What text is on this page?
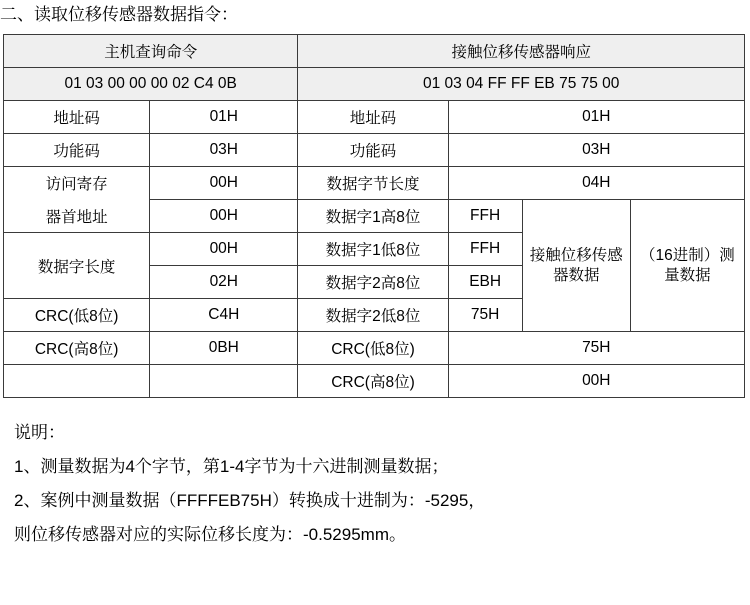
二、读取位移传感器数据指令：
主机查询命令		接触位移传感器响应			
01 03 00 00 00 02 C4 0B		01 03 04 FF FF EB 75 75 00			
地址码	01H	地址码	01H		
功能码	03H	功能码	03H		
访问寄存	00H	数据字节长度	04H		
器首地址	00H	数据字1高8位	FFH	接触位移传感器数据	（16进制）测量数据
数据字长度	00H	数据字1低8位	FFH		
	02H	数据字2高8位	EBH		
CRC(低8位)	C4H	数据字2低8位	75H		
CRC(高8位)	0BH	CRC(低8位)	75H		
		CRC(高8位)	00H		
说明：
1、测量数据为4个字节，第1-4字节为十六进制测量数据；
2、案例中测量数据（FFFFEB75H）转换成十进制为：-5295，
则位移传感器对应的实际位移长度为：-0.5295mm。
